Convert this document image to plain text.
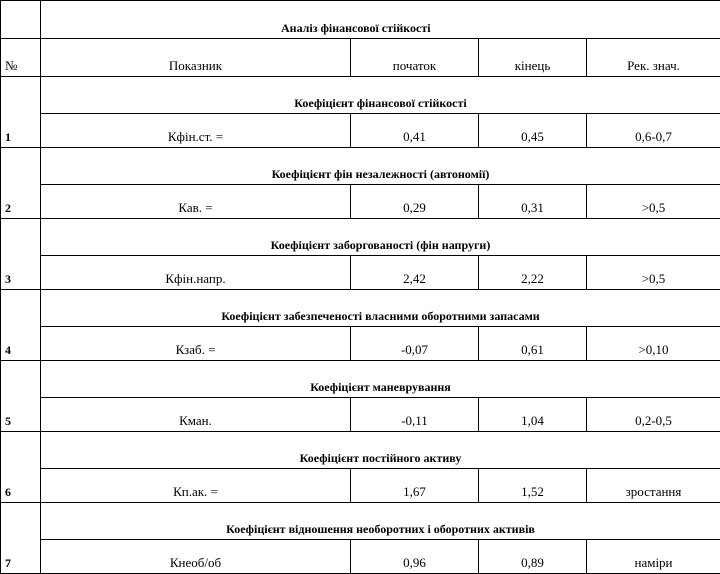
	Аналіз фінансової стійкості			
№	Показник	початок	кінець	Рек. знач.
1	Коефіцієнт фінансової стійкості			
	Кфін.ст. =	0,41	0,45	0,6-0,7
2	Коефіцієнт фін незалежності (автономії)			
	Кав. =	0,29	0,31	>0,5
3	Коефіцієнт заборгованості (фін напруги)			
	Кфін.напр.	2,42	2,22	>0,5
4	Коефіцієнт забезпеченості власними оборотними запасами			
	Кзаб. =	-0,07	0,61	>0,10
5	Коефіцієнт маневрування			
	Кман.	-0,11	1,04	0,2-0,5
6	Коефіцієнт постійного активу			
	Кп.ак. =	1,67	1,52	зростання
7	Коефіцієнт відношення необоротних і оборотних активів			
	Кнеоб/об	0,96	0,89	наміри
